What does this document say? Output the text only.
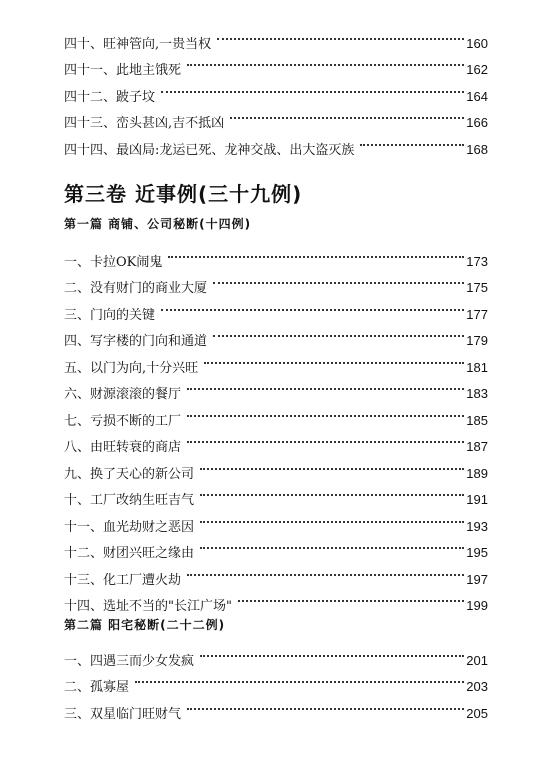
四十、旺神管向,一贵当权	160
四十一、此地主饿死	162
四十二、跛子坟	164
四十三、峦头甚凶,吉不抵凶	166
四十四、最凶局:龙运已死、龙神交战、出大盗灭族	168
第三卷 近事例(三十九例)
第一篇 商铺、公司秘断(十四例)
一、卡拉OK闹鬼	173
二、没有财门的商业大厦	175
三、门向的关键	177
四、写字楼的门向和通道	179
五、以门为向,十分兴旺	181
六、财源滚滚的餐厅	183
七、亏损不断的工厂	185
八、由旺转衰的商店	187
九、换了天心的新公司	189
十、工厂改纳生旺吉气	191
十一、血光劫财之恶因	193
十二、财团兴旺之缘由	195
十三、化工厂遭火劫	197
十四、选址不当的"长江广场"	199
第二篇 阳宅秘断(二十二例)
一、四遇三而少女发疯	201
二、孤寡屋	203
三、双星临门旺财气	205
